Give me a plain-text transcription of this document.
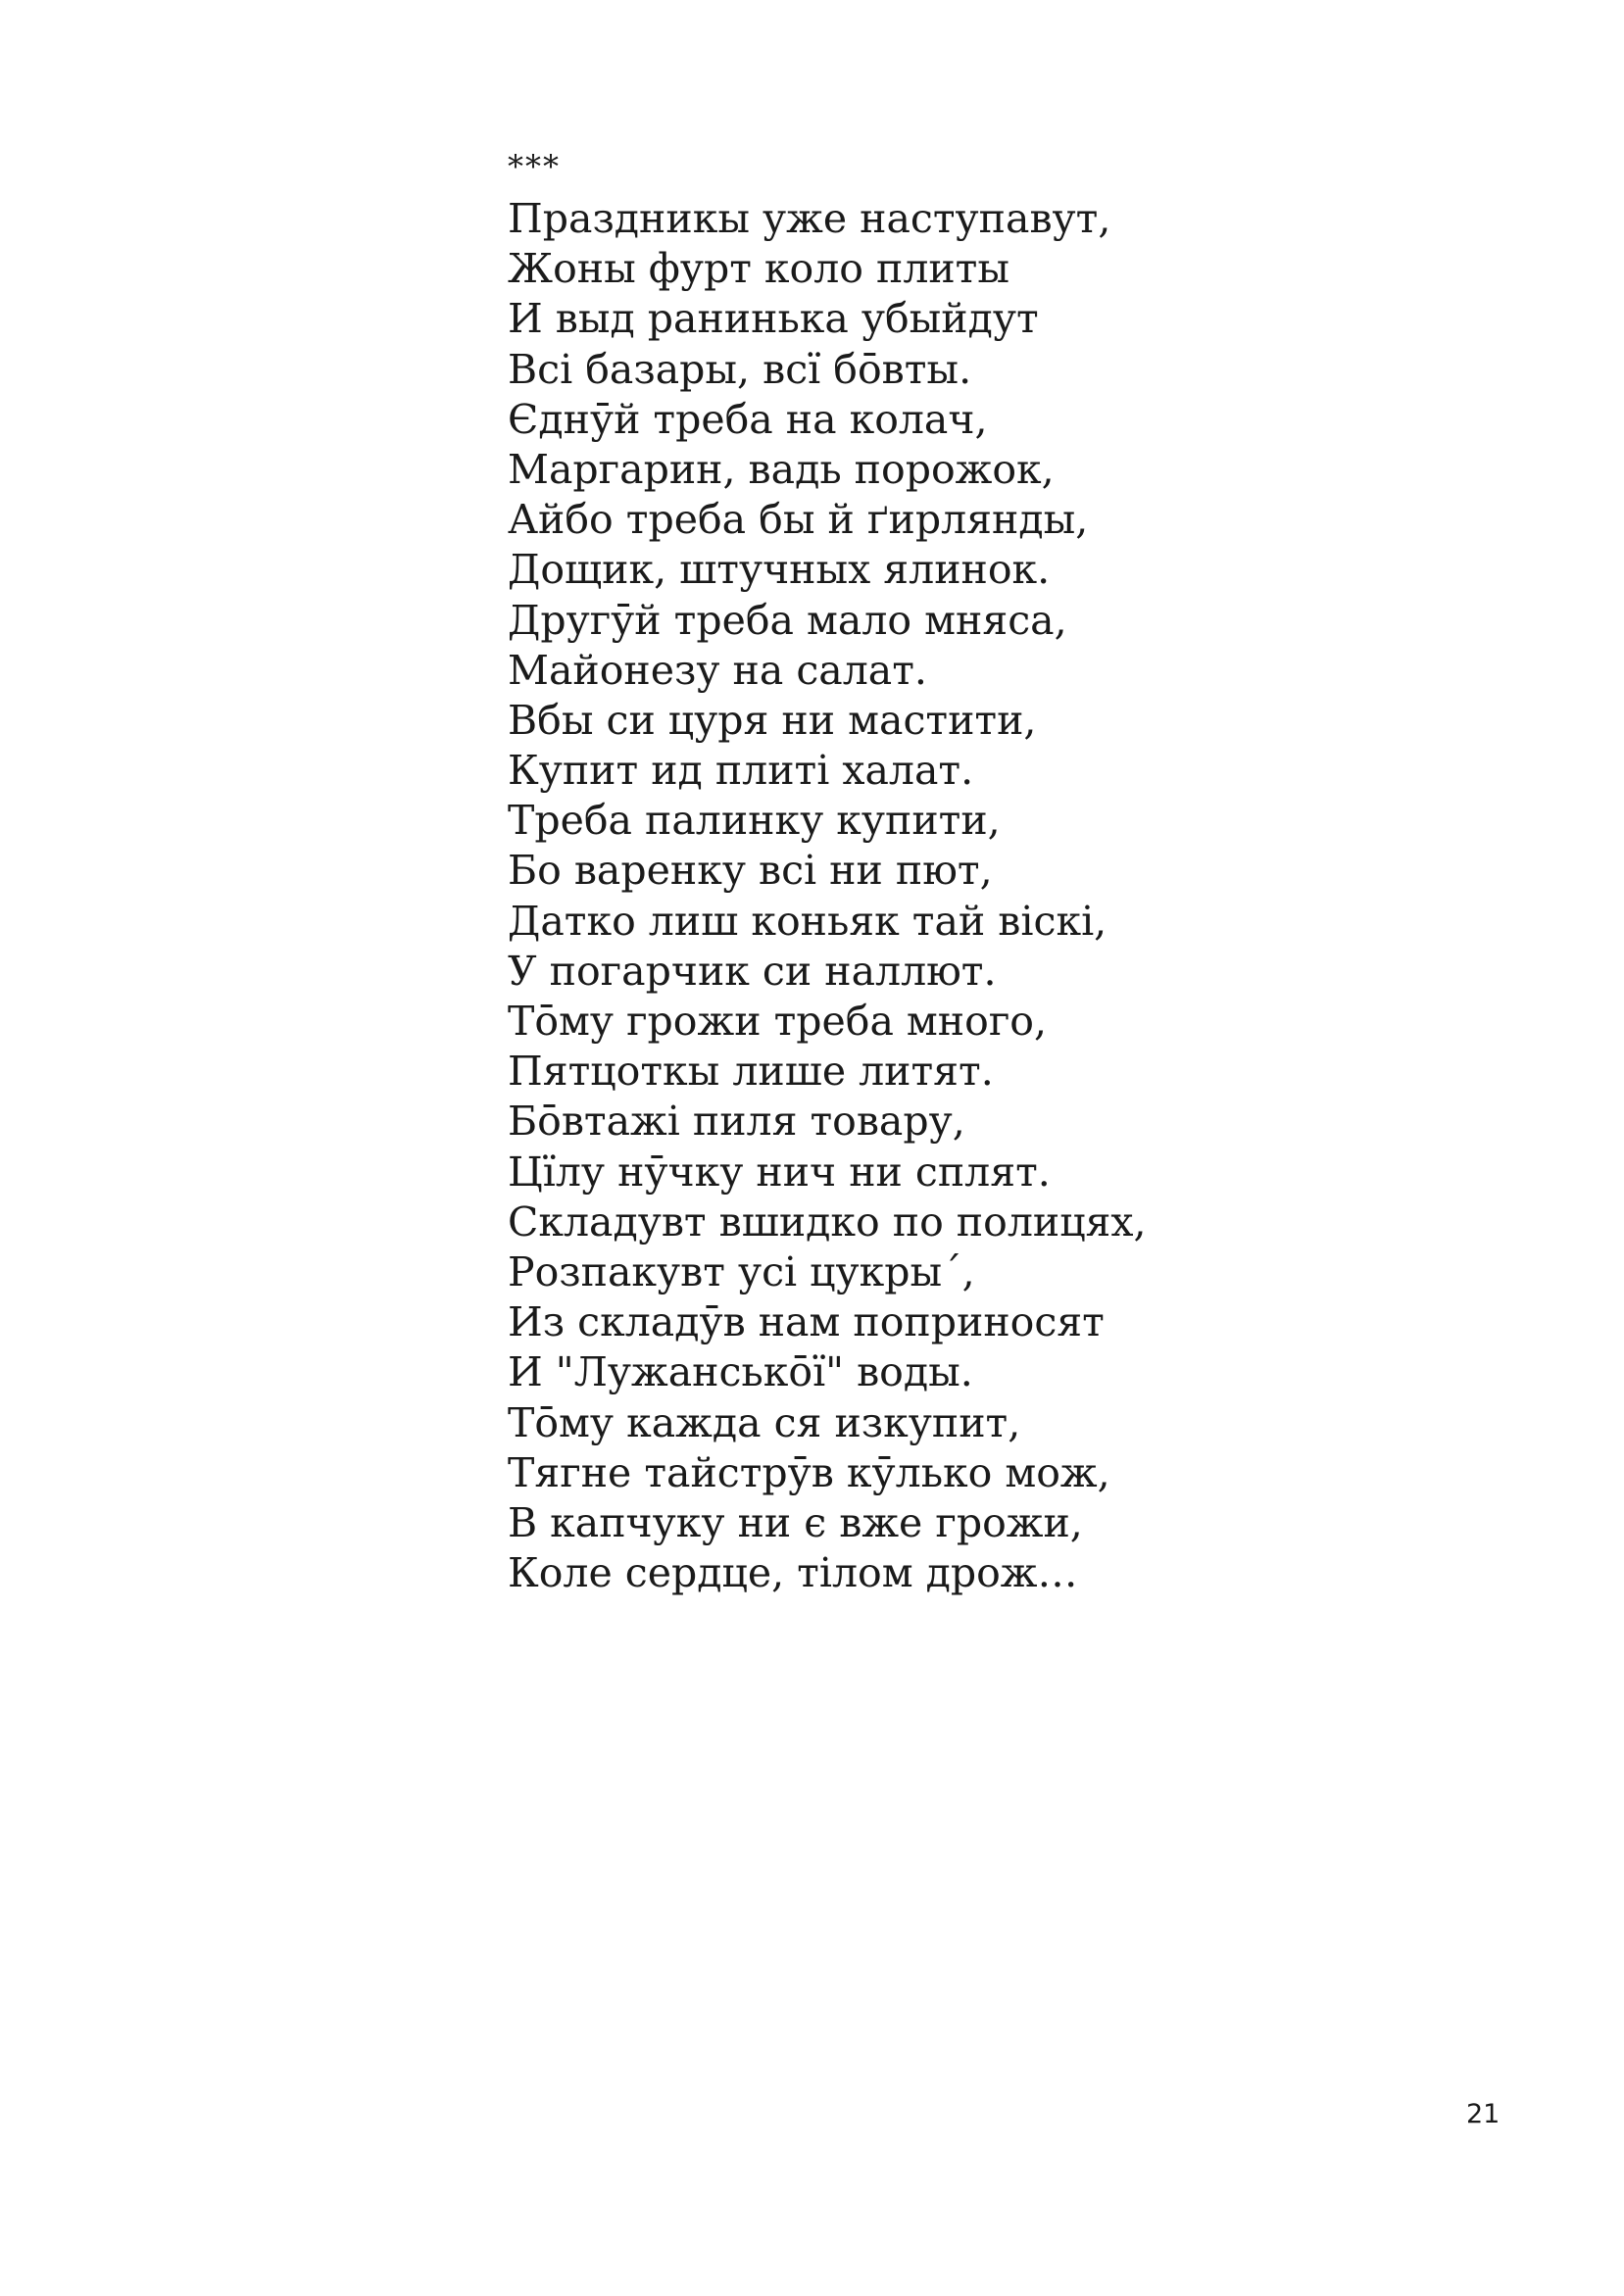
***
Праздникы уже наступавут,
Жоны фурт коло плиты
И выд ранинька убыйдут
Всі базары, всї бо̄вты.
Єднӯй треба на колач,
Маргарин, вадь порожок,
Айбо треба бы й ґирлянды,
Дощик, штучных ялинок.
Другӯй треба мало мняса,
Майонезу на салат.
Вбы си цуря ни мастити,
Купит ид плиті халат.
Треба палинку купити,
Бо варенку всі ни пют,
Датко лиш коньяк тай віскі,
У погарчик си наллют.
То̄му грожи треба много,
Пятцоткы лише литят.
Бо̄втажі пиля товару,
Цїлу нӯчку нич ни сплят.
Складувт вшидко по полицях,
Розпакувт усі цукры´,
Из складӯв нам поприносят
И "Лужанськōї" воды.
То̄му кажда ся изкупит,
Тягне тайстрӯв кӯлько мож,
В капчуку ни є вже грожи,
Коле сердце, тілом дрож…
21
